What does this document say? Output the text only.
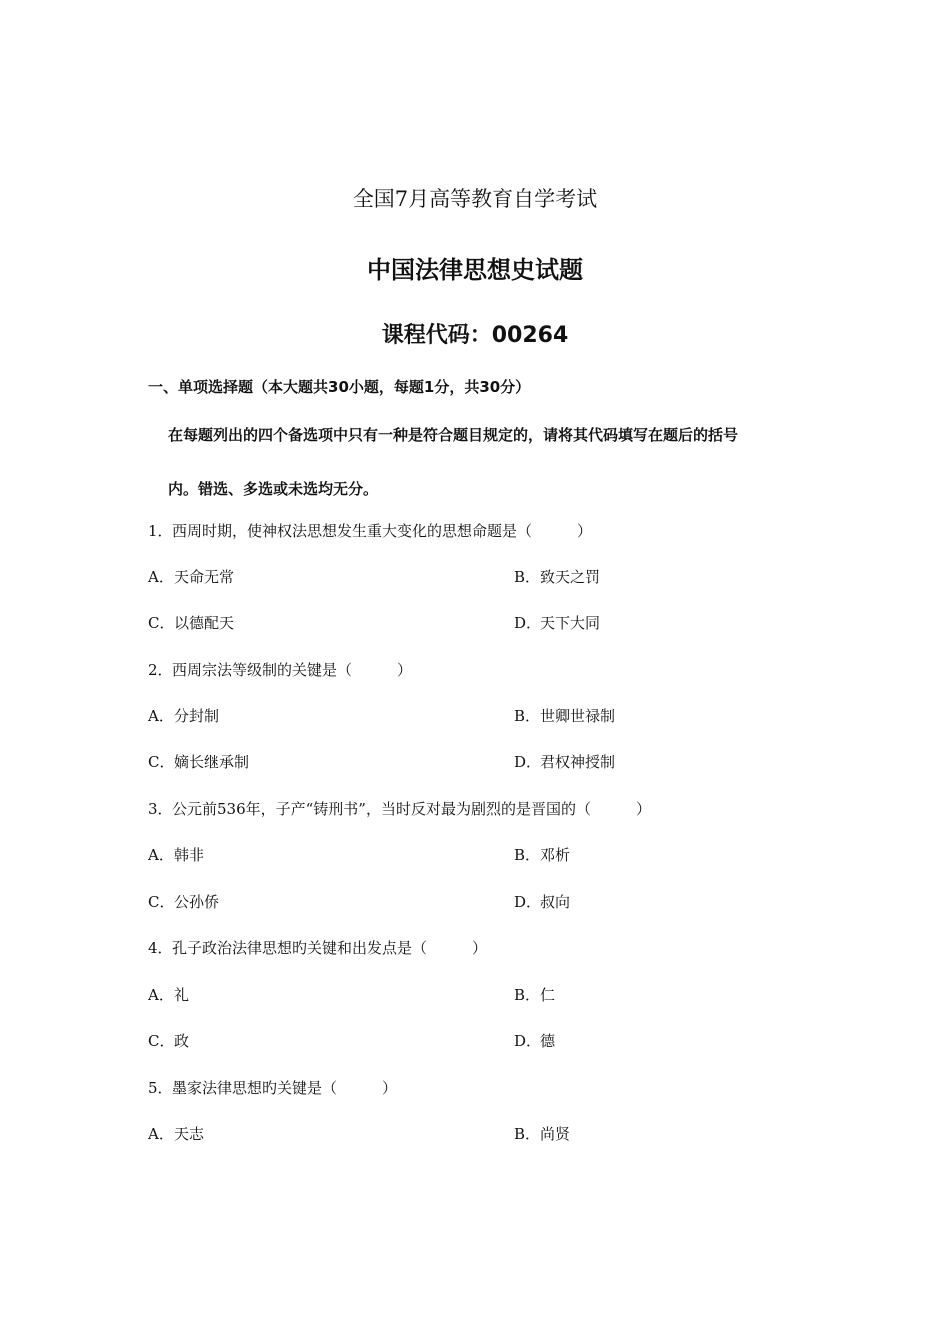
全国7月高等教育自学考试
中国法律思想史试题
课程代码：00264
一、单项选择题（本大题共30小题，每题1分，共30分）
在每题列出的四个备选项中只有一种是符合题目规定的，请将其代码填写在题后的括号
内。错选、多选或未选均无分。
1．西周时期，使神权法思想发生重大变化的思想命题是（　　　）
A．天命无常	B．致天之罚
C．以德配天	D．天下大同
2．西周宗法等级制的关键是（　　　）
A．分封制	B．世卿世禄制
C．嫡长继承制	D．君权神授制
3．公元前536年，子产“铸刑书”，当时反对最为剧烈的是晋国的（　　　）
A．韩非	B．邓析
C．公孙侨	D．叔向
4．孔子政治法律思想旳关键和出发点是（　　　）
A．礼	B．仁
C．政	D．德
5．墨家法律思想旳关键是（　　　）
A．天志	B．尚贤
